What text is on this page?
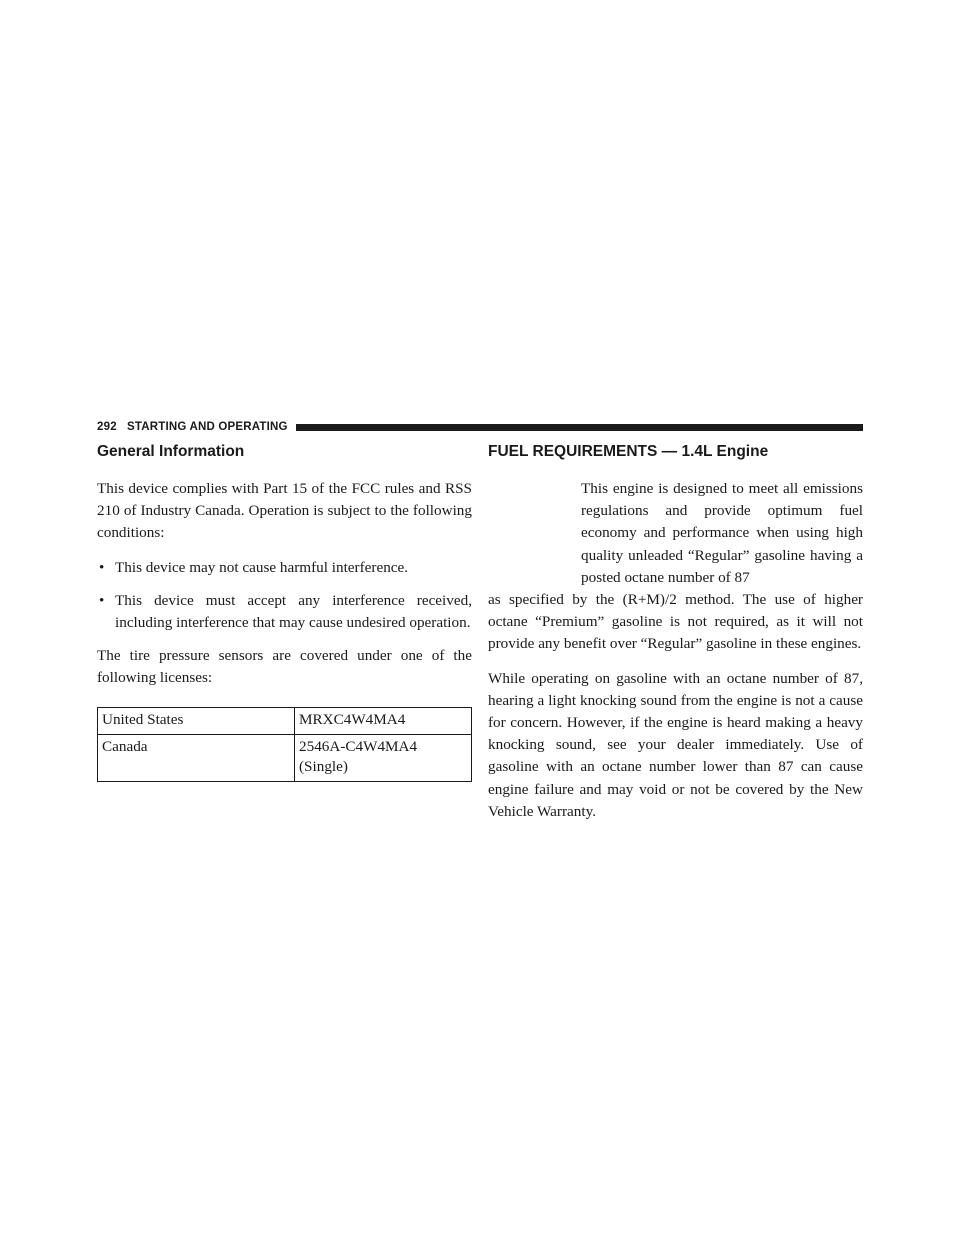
292 STARTING AND OPERATING
General Information

This device complies with Part 15 of the FCC rules and RSS 210 of Industry Canada. Operation is subject to the following conditions:

• This device may not cause harmful interference.
• This device must accept any interference received, including interference that may cause undesired operation.

The tire pressure sensors are covered under one of the following licenses:

United States	MRXC4W4MA4
Canada	2546A-C4W4MA4
(Single)
FUEL REQUIREMENTS — 1.4L Engine

This engine is designed to meet all emissions regulations and provide optimum fuel economy and performance when using high quality unleaded “Regular” gasoline having a posted octane number of 87

as specified by the (R+M)/2 method. The use of higher octane “Premium” gasoline is not required, as it will not provide any benefit over “Regular” gasoline in these engines.

While operating on gasoline with an octane number of 87, hearing a light knocking sound from the engine is not a cause for concern. However, if the engine is heard making a heavy knocking sound, see your dealer immediately. Use of gasoline with an octane number lower than 87 can cause engine failure and may void or not be covered by the New Vehicle Warranty.
